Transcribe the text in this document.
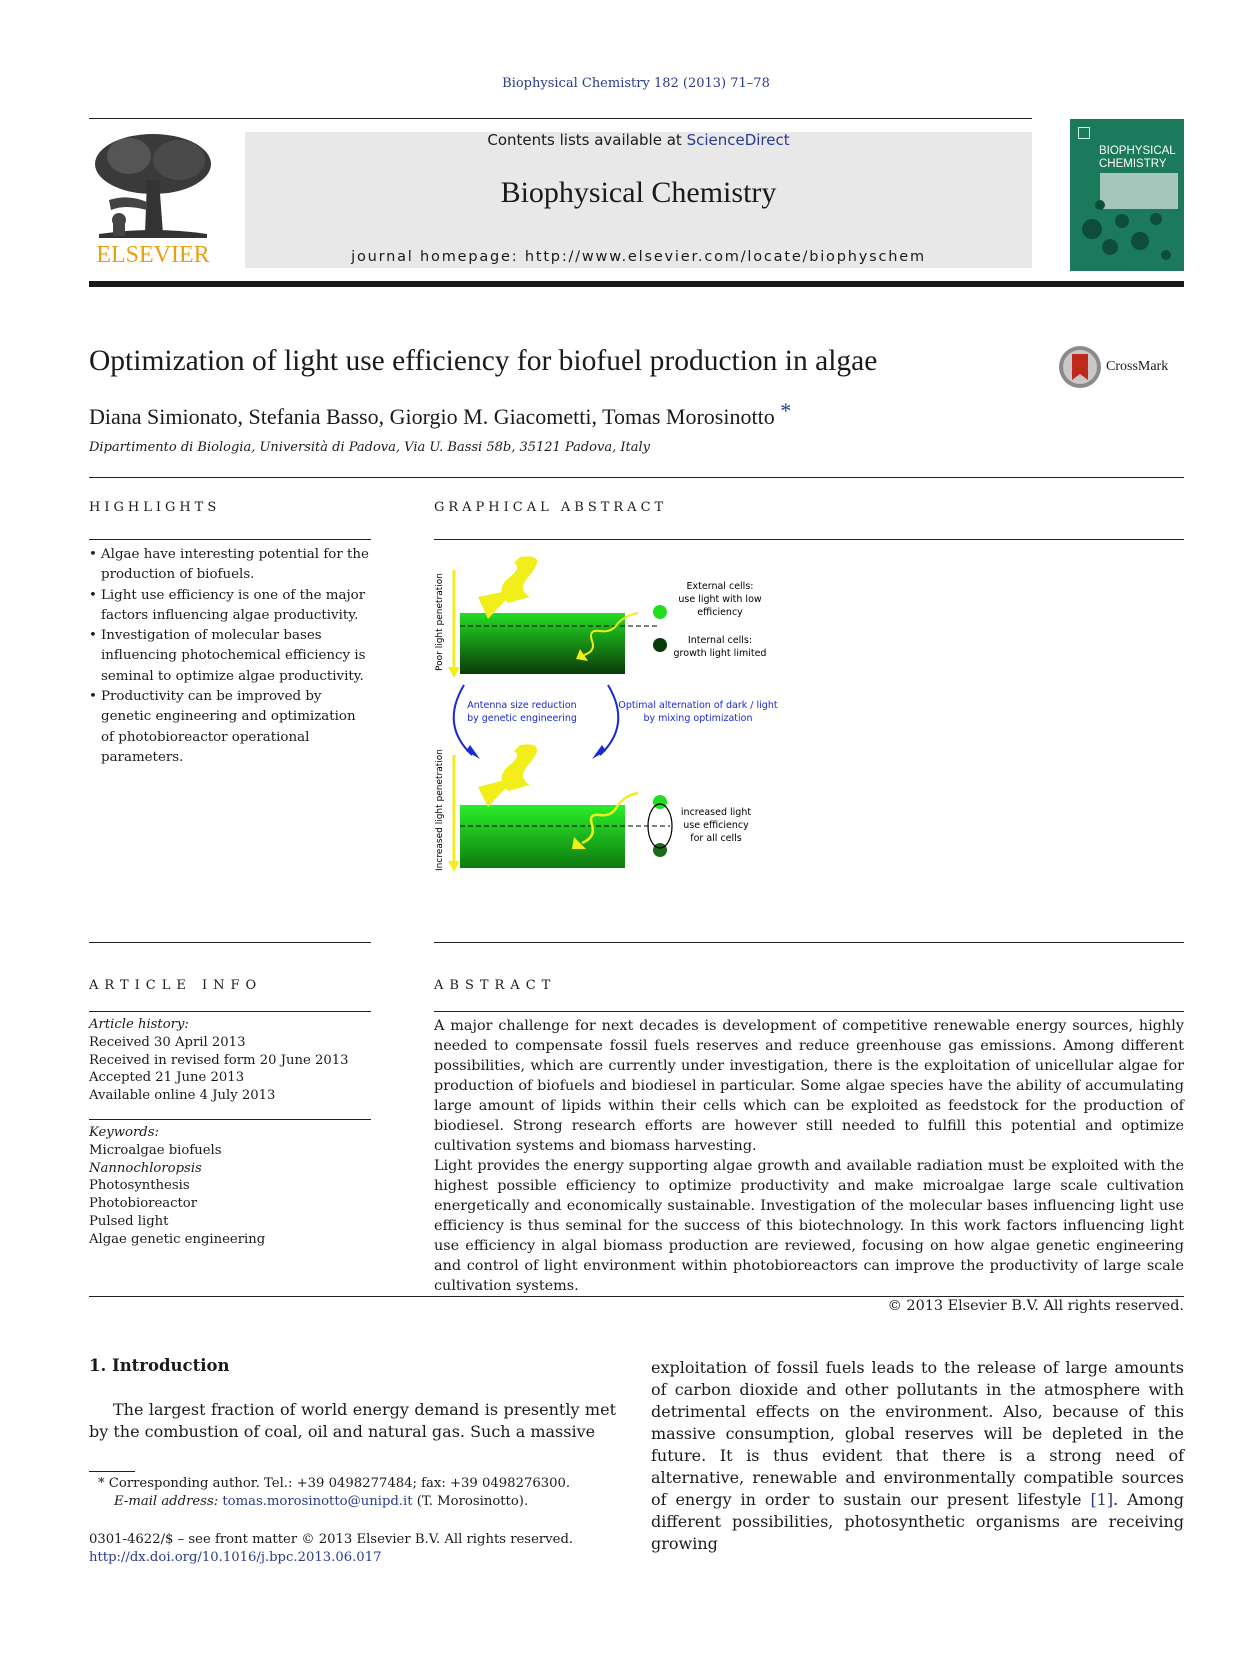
Biophysical Chemistry 182 (2013) 71–78
ELSEVIER
Contents lists available at ScienceDirect
Biophysical Chemistry
journal homepage: http://www.elsevier.com/locate/biophyschem
BIOPHYSICAL CHEMISTRY
Optimization of light use efficiency for biofuel production in algae	CrossMark
Diana Simionato, Stefania Basso, Giorgio M. Giacometti, Tomas Morosinotto *
Dipartimento di Biologia, Università di Padova, Via U. Bassi 58b, 35121 Padova, Italy
HIGHLIGHTS
• Algae have interesting potential for the production of biofuels.
• Light use efficiency is one of the major factors influencing algae productivity.
• Investigation of molecular bases influencing photochemical efficiency is seminal to optimize algae productivity.
• Productivity can be improved by genetic engineering and optimization of photobioreactor operational parameters.
GRAPHICAL ABSTRACT
Poor light penetration	External cells:
use light with low
efficiency
Internal cells:
growth light limited
Antenna size reduction
by genetic engineering
Optimal alternation of dark / light
by mixing optimization
Increased light penetration	increased light
use efficiency
for all cells
ARTICLE INFO
Article history:
Received 30 April 2013
Received in revised form 20 June 2013
Accepted 21 June 2013
Available online 4 July 2013
Keywords:
Microalgae biofuels
Nannochloropsis
Photosynthesis
Photobioreactor
Pulsed light
Algae genetic engineering
ABSTRACT
A major challenge for next decades is development of competitive renewable energy sources, highly needed to compensate fossil fuels reserves and reduce greenhouse gas emissions. Among different possibilities, which are currently under investigation, there is the exploitation of unicellular algae for production of biofuels and biodiesel in particular. Some algae species have the ability of accumulating large amount of lipids within their cells which can be exploited as feedstock for the production of biodiesel. Strong research efforts are however still needed to fulfill this potential and optimize cultivation systems and biomass harvesting.
Light provides the energy supporting algae growth and available radiation must be exploited with the highest possible efficiency to optimize productivity and make microalgae large scale cultivation energetically and economically sustainable. Investigation of the molecular bases influencing light use efficiency is thus seminal for the success of this biotechnology. In this work factors influencing light use efficiency in algal biomass production are reviewed, focusing on how algae genetic engineering and control of light environment within photobioreactors can improve the productivity of large scale cultivation systems.
© 2013 Elsevier B.V. All rights reserved.
1. Introduction
The largest fraction of world energy demand is presently met by the combustion of coal, oil and natural gas. Such a massive
exploitation of fossil fuels leads to the release of large amounts of carbon dioxide and other pollutants in the atmosphere with detrimental effects on the environment. Also, because of this massive consumption, global reserves will be depleted in the future. It is thus evident that there is a strong need of alternative, renewable and environmentally compatible sources of energy in order to sustain our present lifestyle [1]. Among different possibilities, photosynthetic organisms are receiving growing
* Corresponding author. Tel.: +39 0498277484; fax: +39 0498276300.
E-mail address: tomas.morosinotto@unipd.it (T. Morosinotto).
0301-4622/$ – see front matter © 2013 Elsevier B.V. All rights reserved.
http://dx.doi.org/10.1016/j.bpc.2013.06.017
